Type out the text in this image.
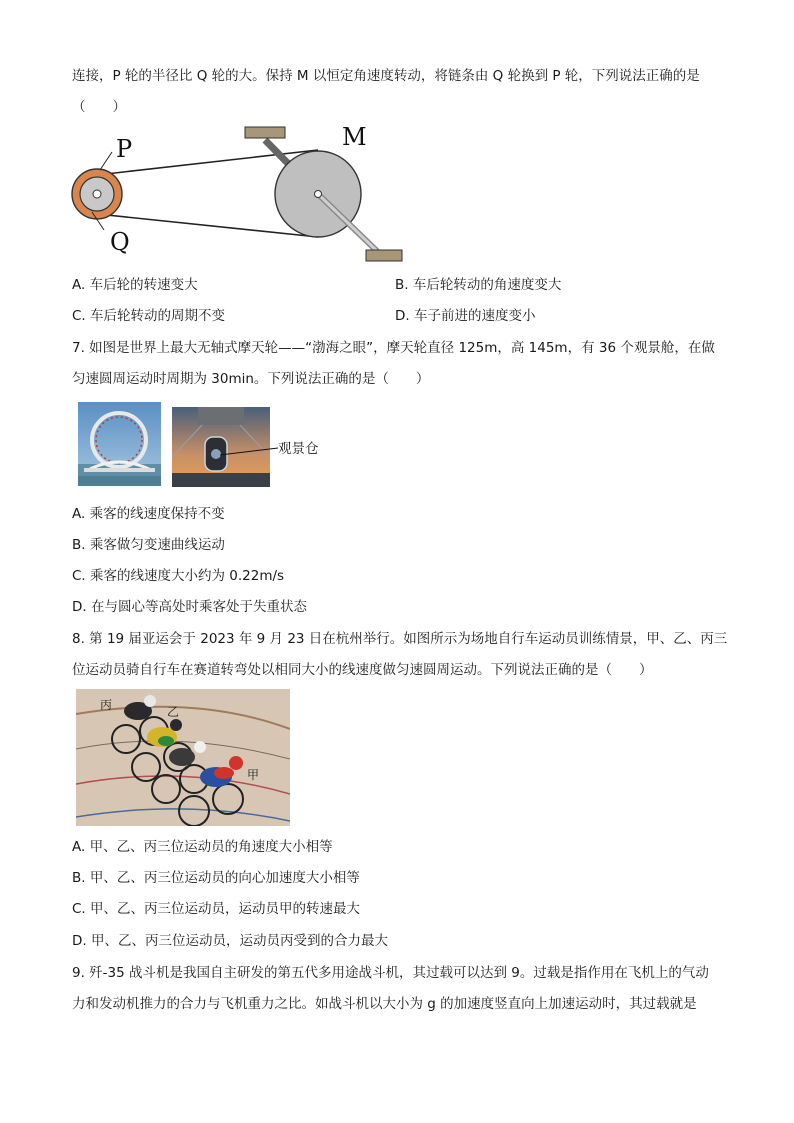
连接，P 轮的半径比 Q 轮的大。保持 M 以恒定角速度转动，将链条由 Q 轮换到 P 轮，下列说法正确的是
（　　）
P
Q
M
A. 车后轮的转速变大	B. 车后轮转动的角速度变大
C. 车后轮转动的周期不变	D. 车子前进的速度变小
7. 如图是世界上最大无轴式摩天轮——“渤海之眼”，摩天轮直径 125m，高 145m，有 36 个观景舱，在做
匀速圆周运动时周期为 30min。下列说法正确的是（　　）
观景仓
A. 乘客的线速度保持不变
B. 乘客做匀变速曲线运动
C. 乘客的线速度大小约为 0.22m/s
D. 在与圆心等高处时乘客处于失重状态
8. 第 19 届亚运会于 2023 年 9 月 23 日在杭州举行。如图所示为场地自行车运动员训练情景，甲、乙、丙三
位运动员骑自行车在赛道转弯处以相同大小的线速度做匀速圆周运动。下列说法正确的是（　　）
丙	乙
甲
A. 甲、乙、丙三位运动员的角速度大小相等
B. 甲、乙、丙三位运动员的向心加速度大小相等
C. 甲、乙、丙三位运动员，运动员甲的转速最大
D. 甲、乙、丙三位运动员，运动员丙受到的合力最大
9. 歼-35 战斗机是我国自主研发的第五代多用途战斗机，其过载可以达到 9。过载是指作用在飞机上的气动
力和发动机推力的合力与飞机重力之比。如战斗机以大小为 g 的加速度竖直向上加速运动时，其过载就是
